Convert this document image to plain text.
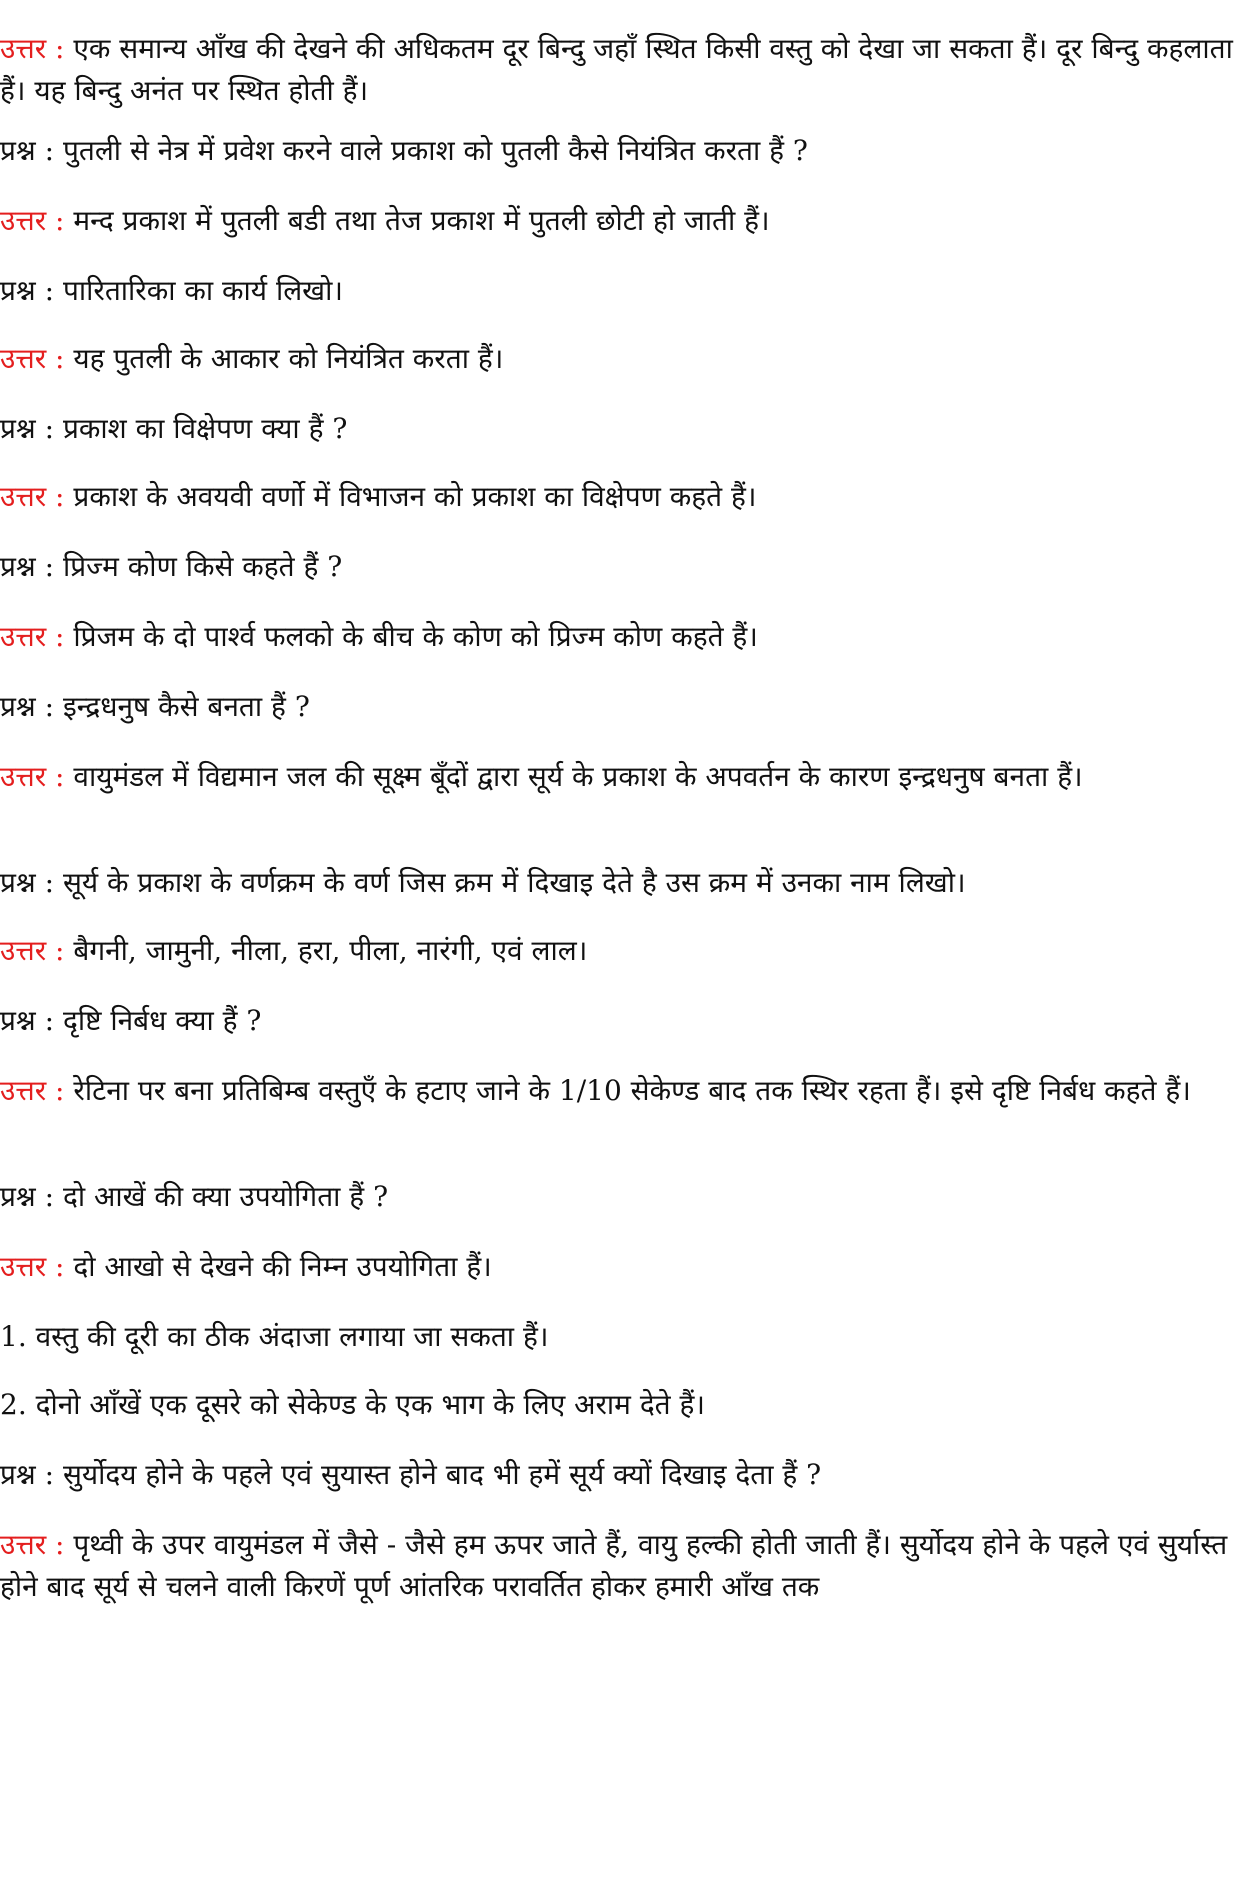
उत्तर : एक समान्य आँख की देखने की अधिकतम दूर बिन्दु जहाँ स्थित किसी वस्तु को देखा जा सकता हैं। दूर बिन्दु कहलाता हैं। यह बिन्दु अनंत पर स्थित होती हैं।

प्रश्न : पुतली से नेत्र में प्रवेश करने वाले प्रकाश को पुतली कैसे नियंत्रित करता हैं ?

उत्तर : मन्द प्रकाश में पुतली बडी तथा तेज प्रकाश में पुतली छोटी हो जाती हैं।

प्रश्न : पारितारिका का कार्य लिखो।

उत्तर : यह पुतली के आकार को नियंत्रित करता हैं।

प्रश्न : प्रकाश का विक्षेपण क्या हैं ?

उत्तर : प्रकाश के अवयवी वर्णो में विभाजन को प्रकाश का विक्षेपण कहते हैं।

प्रश्न : प्रिज्म कोण किसे कहते हैं ?

उत्तर : प्रिजम के दो पार्श्व फलको के बीच के कोण को प्रिज्म कोण कहते हैं।

प्रश्न : इन्द्रधनुष कैसे बनता हैं ?

उत्तर : वायुमंडल में विद्यमान जल की सूक्ष्म बूँदों द्वारा सूर्य के प्रकाश के अपवर्तन के कारण इन्द्रधनुष बनता हैं।

प्रश्न : सूर्य के प्रकाश के वर्णक्रम के वर्ण जिस क्रम में दिखाइ देते है उस क्रम में उनका नाम लिखो।

उत्तर : बैगनी, जामुनी, नीला, हरा, पीला, नारंगी, एवं लाल।

प्रश्न : दृष्टि निर्बध क्या हैं ?

उत्तर : रेटिना पर बना प्रतिबिम्ब वस्तुएँ के हटाए जाने के 1/10 सेकेण्ड बाद तक स्थिर रहता हैं। इसे दृष्टि निर्बध कहते हैं।

प्रश्न : दो आखें की क्या उपयोगिता हैं ?

उत्तर : दो आखो से देखने की निम्न उपयोगिता हैं।

1. वस्तु की दूरी का ठीक अंदाजा लगाया जा सकता हैं।

2. दोनो आँखें एक दूसरे को सेकेण्ड के एक भाग के लिए अराम देते हैं।

प्रश्न : सुर्योदय होने के पहले एवं सुयास्त होने बाद भी हमें सूर्य क्यों दिखाइ देता हैं ?

उत्तर : पृथ्वी के उपर वायुमंडल में जैसे - जैसे हम ऊपर जाते हैं, वायु हल्की होती जाती हैं। सुर्योदय होने के पहले एवं सुर्यास्त होने बाद सूर्य से चलने वाली किरणें पूर्ण आंतरिक परावर्तित होकर हमारी आँख तक
